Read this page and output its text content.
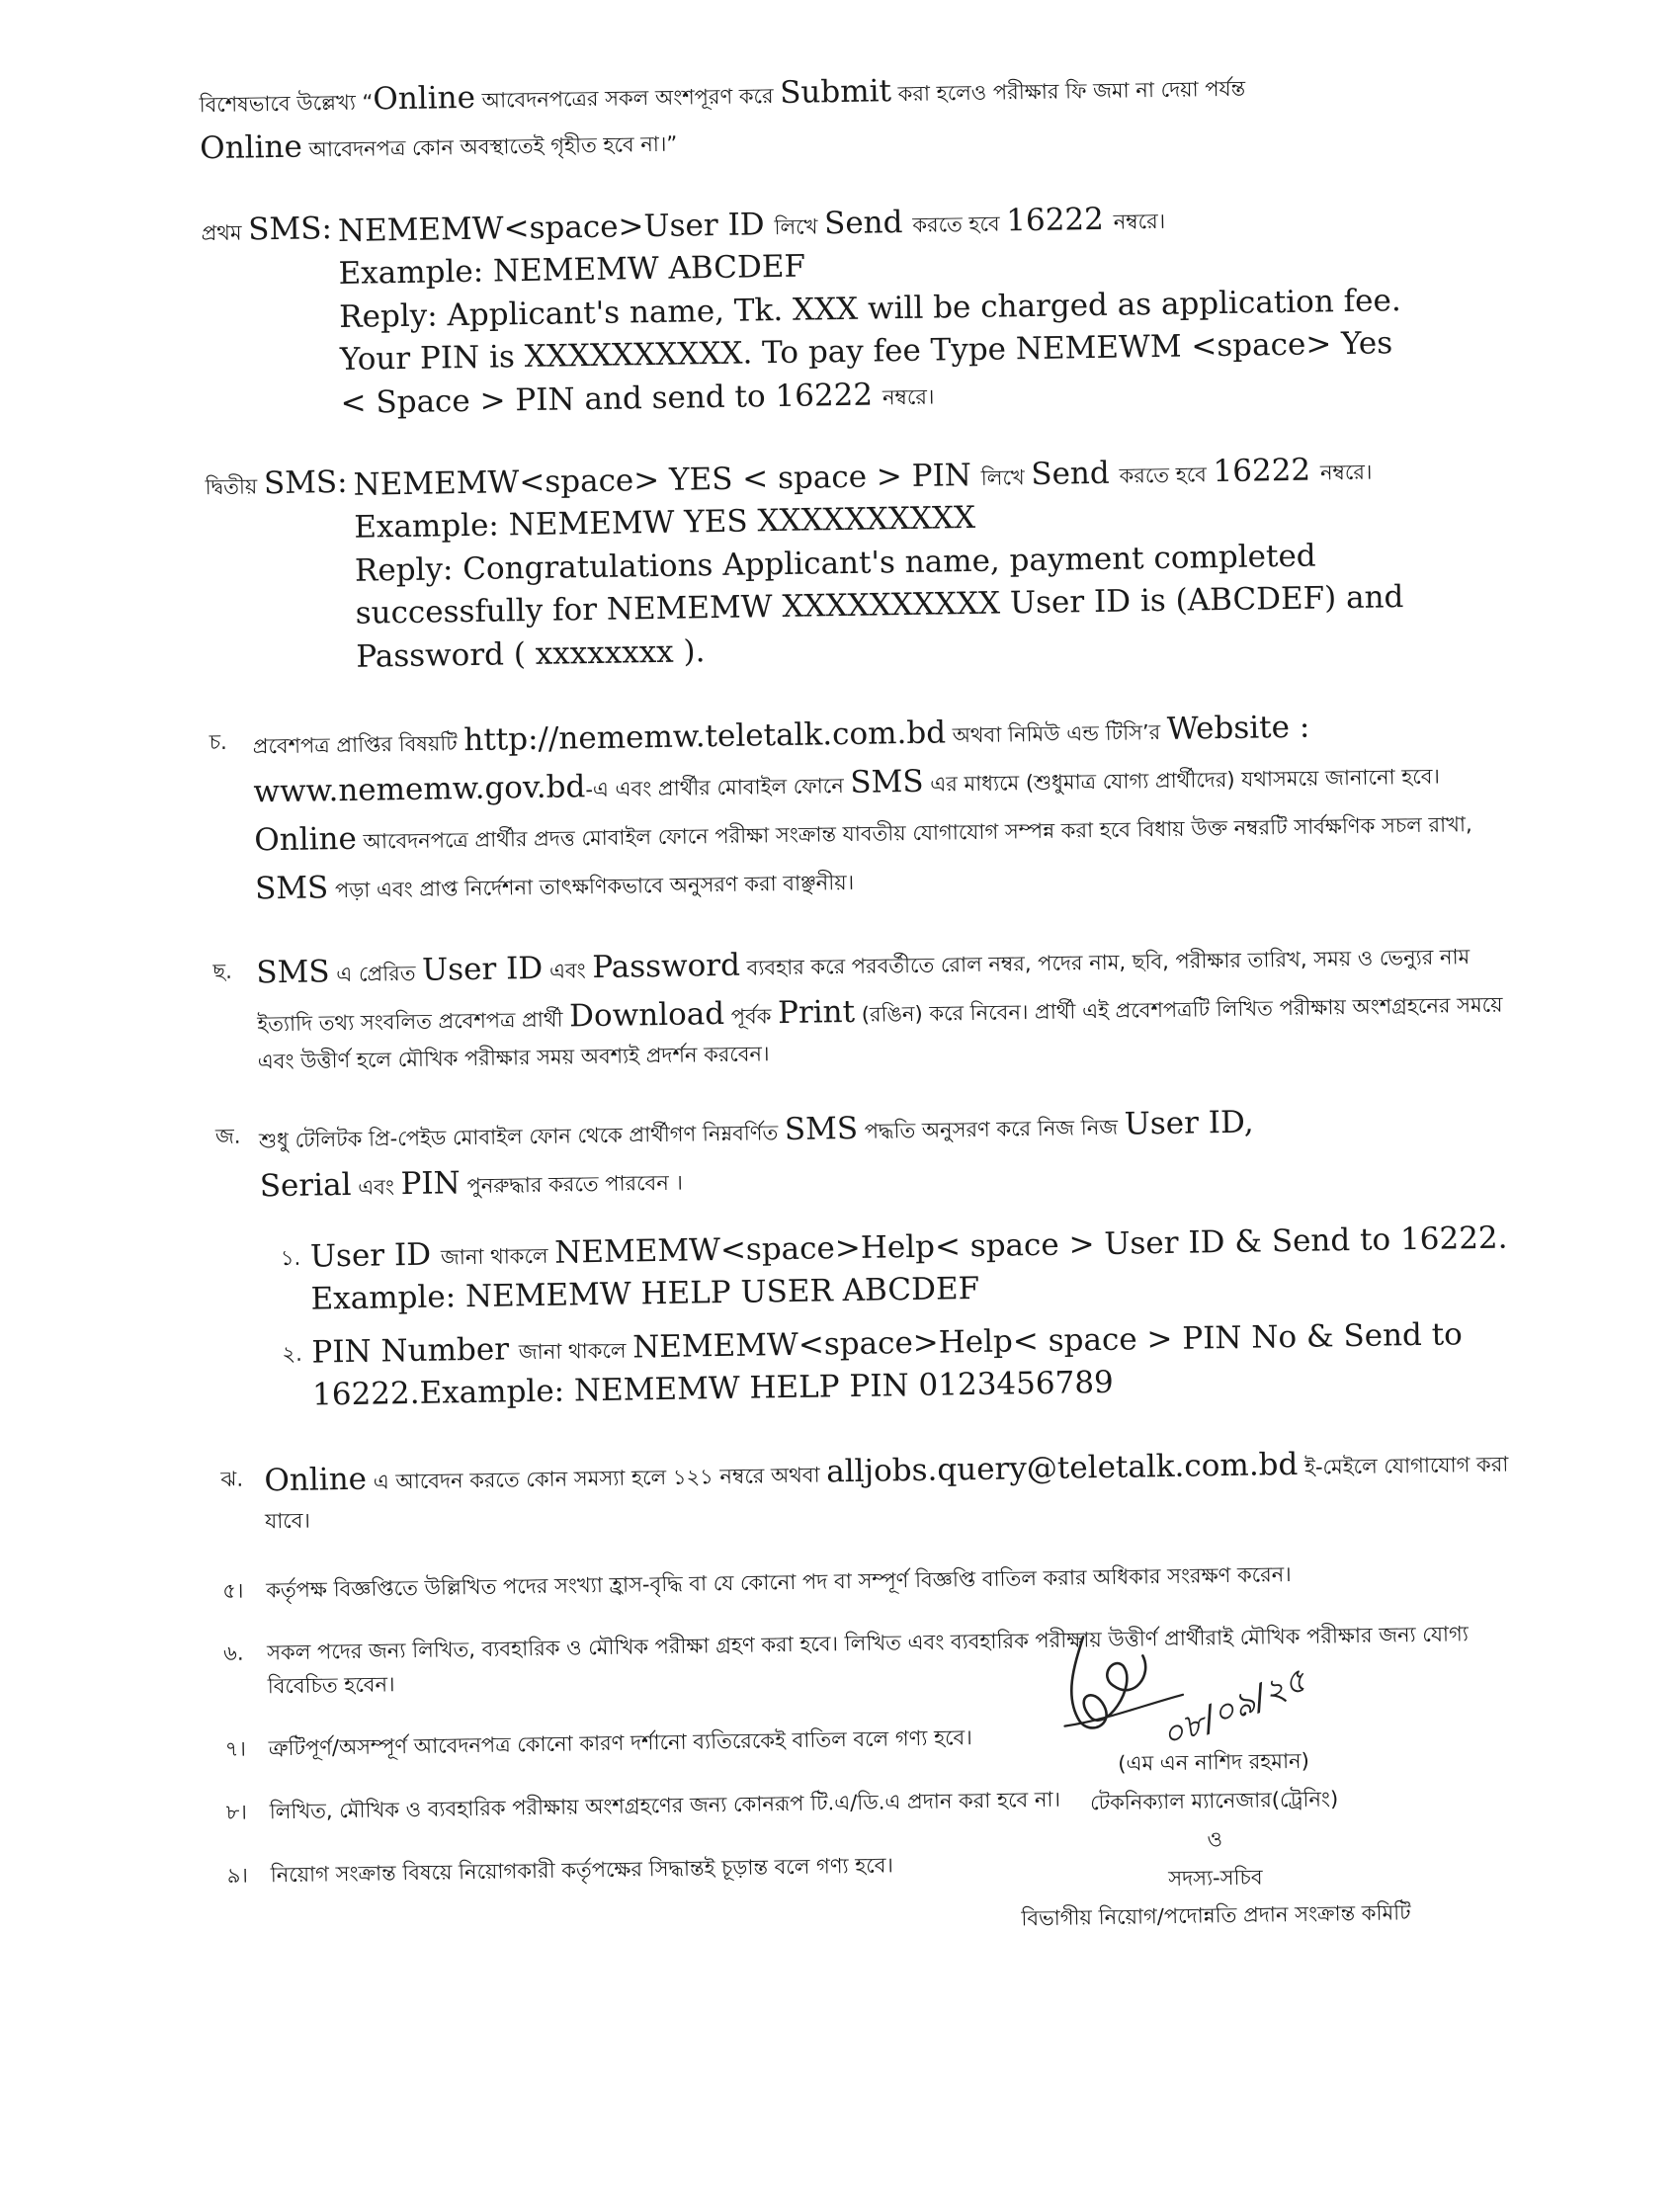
বিশেষভাবে উল্লেখ্য “Online আবেদনপত্রের সকল অংশপূরণ করে Submit করা হলেও পরীক্ষার ফি জমা না দেয়া পর্যন্ত
Online আবেদনপত্র কোন অবস্থাতেই গৃহীত হবে না।”

প্রথম SMS: NEMEMW<space>User ID লিখে Send করতে হবে 16222 নম্বরে।
Example: NEMEMW ABCDEF
Reply: Applicant's name, Tk. XXX will be charged as application fee.
Your PIN is XXXXXXXXXX. To pay fee Type NEMEWM <space> Yes
< Space > PIN and send to 16222 নম্বরে।
দ্বিতীয় SMS: NEMEMW<space> YES < space > PIN লিখে Send করতে হবে 16222 নম্বরে।
Example: NEMEMW YES XXXXXXXXXX
Reply: Congratulations Applicant's name, payment completed
successfully for NEMEMW XXXXXXXXXX User ID is (ABCDEF) and
Password ( xxxxxxxx ).
চ.	প্রবেশপত্র প্রাপ্তির বিষয়টি http://nememw.teletalk.com.bd অথবা নিমিউ এন্ড টিসি’র Website : www.nememw.gov.bd-এ এবং প্রার্থীর মোবাইল ফোনে SMS এর মাধ্যমে (শুধুমাত্র যোগ্য প্রার্থীদের) যথাসময়ে জানানো হবে। Online আবেদনপত্রে প্রার্থীর প্রদত্ত মোবাইল ফোনে পরীক্ষা সংক্রান্ত যাবতীয় যোগাযোগ সম্পন্ন করা হবে বিধায় উক্ত নম্বরটি সার্বক্ষণিক সচল রাখা, SMS পড়া এবং প্রাপ্ত নির্দেশনা তাৎক্ষণিকভাবে অনুসরণ করা বাঞ্ছনীয়।

ছ. SMS এ প্রেরিত User ID এবং Password ব্যবহার করে পরবর্তীতে রোল নম্বর, পদের নাম, ছবি, পরীক্ষার তারিখ, সময় ও ভেন্যুর নাম ইত্যাদি তথ্য সংবলিত প্রবেশপত্র প্রার্থী Download পূর্বক Print (রঙিন) করে নিবেন। প্রার্থী এই প্রবেশপত্রটি লিখিত পরীক্ষায় অংশগ্রহনের সময়ে এবং উত্তীর্ণ হলে মৌখিক পরীক্ষার সময় অবশ্যই প্রদর্শন করবেন।

জ. শুধু টেলিটক প্রি-পেইড মোবাইল ফোন থেকে প্রার্থীগণ নিম্নবর্ণিত SMS পদ্ধতি অনুসরণ করে নিজ নিজ User ID,
Serial এবং PIN পুনরুদ্ধার করতে পারবেন ।

১. User ID জানা থাকলে NEMEMW<space>Help< space > User ID & Send to 16222.
Example: NEMEMW HELP USER ABCDEF
২. PIN Number জানা থাকলে NEMEMW<space>Help< space > PIN No & Send to
16222.Example: NEMEMW HELP PIN 0123456789
ঝ. Online এ আবেদন করতে কোন সমস্যা হলে ১২১ নম্বরে অথবা alljobs.query@teletalk.com.bd ই-মেইলে যোগাযোগ করা যাবে।

৫।	কর্তৃপক্ষ বিজ্ঞপ্তিতে উল্লিখিত পদের সংখ্যা হ্রাস-বৃদ্ধি বা যে কোনো পদ বা সম্পূর্ণ বিজ্ঞপ্তি বাতিল করার অধিকার সংরক্ষণ করেন।

৬.	সকল পদের জন্য লিখিত, ব্যবহারিক ও মৌখিক পরীক্ষা গ্রহণ করা হবে। লিখিত এবং ব্যবহারিক পরীক্ষায় উত্তীর্ণ প্রার্থীরাই মৌখিক পরীক্ষার জন্য যোগ্য বিবেচিত হবেন।

৭।	ত্রুটিপূর্ণ/অসম্পূর্ণ আবেদনপত্র কোনো কারণ দর্শানো ব্যতিরেকেই বাতিল বলে গণ্য হবে।

৮।	লিখিত, মৌখিক ও ব্যবহারিক পরীক্ষায় অংশগ্রহণের জন্য কোনরূপ টি.এ/ডি.এ প্রদান করা হবে না।

৯।	নিয়োগ সংক্রান্ত বিষয়ে নিয়োগকারী কর্তৃপক্ষের সিদ্ধান্তই চূড়ান্ত বলে গণ্য হবে।

০৮/০৯/২৫
(এম এন নাশিদ রহমান)
টেকনিক্যাল ম্যানেজার(ট্রেনিং)
ও
সদস্য-সচিব
বিভাগীয় নিয়োগ/পদোন্নতি প্রদান সংক্রান্ত কমিটি
